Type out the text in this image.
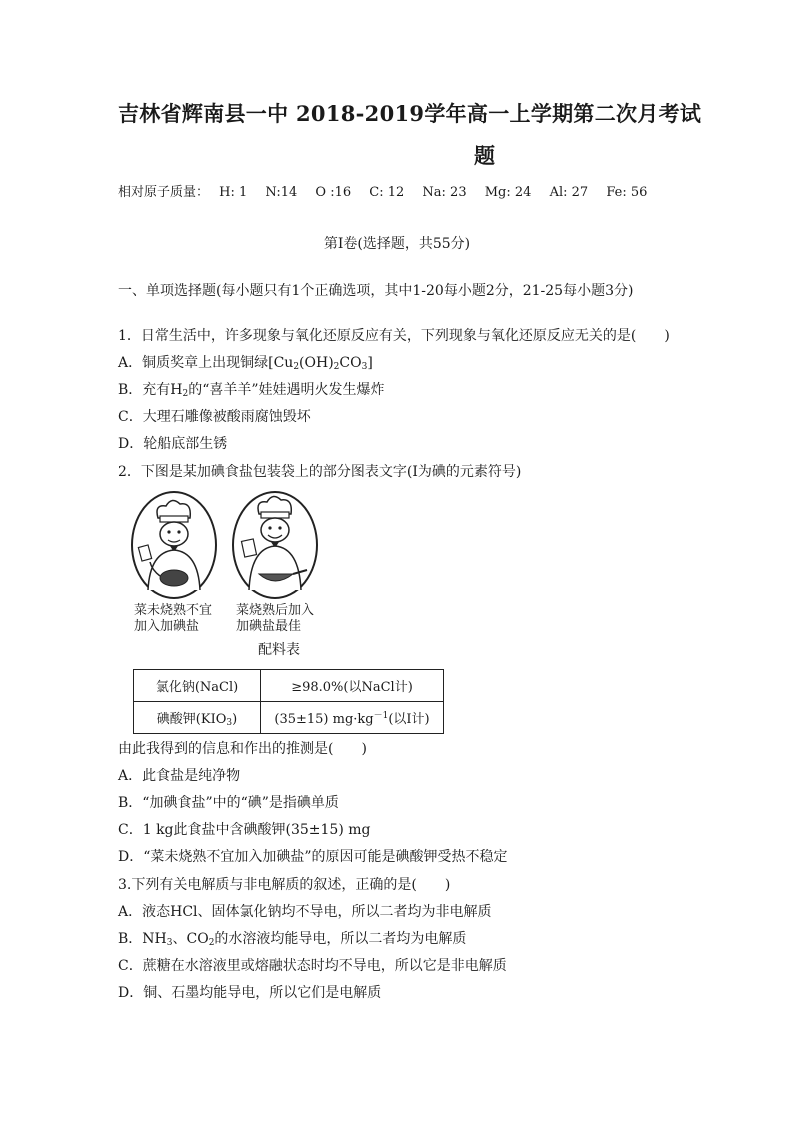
吉林省辉南县一中 2018-2019学年高一上学期第二次月考试
题
相对原子质量： H: 1 N:14 O :16 C: 12 Na: 23 Mg: 24 Al: 27 Fe: 56
第Ⅰ卷(选择题，共55分)
一、单项选择题(每小题只有1个正确选项，其中1-20每小题2分，21-25每小题3分)
1．日常生活中，许多现象与氧化还原反应有关，下列现象与氧化还原反应无关的是(　　)
A．铜质奖章上出现铜绿$[Cu_2(OH)_2CO_3]$
B．充有$H_2$的“喜羊羊”娃娃遇明火发生爆炸
C．大理石雕像被酸雨腐蚀毁坏
D．轮船底部生锈
2．下图是某加碘食盐包装袋上的部分图表文字(Ⅰ为碘的元素符号)
菜未烧熟不宜
加入加碘盐
菜烧熟后加入
加碘盐最佳
配料表
氯化钠(NaCl)	≥98.0%(以NaCl计)
碘酸钾$(KIO_3)$	(35±15) $mg\cdot kg^{-1}$(以Ⅰ计)
由此我得到的信息和作出的推测是(　　)
A．此食盐是纯净物
B．“加碘食盐”中的“碘”是指碘单质
C．1 kg此食盐中含碘酸钾(35±15) mg
D．“菜未烧熟不宜加入加碘盐”的原因可能是碘酸钾受热不稳定
3.下列有关电解质与非电解质的叙述，正确的是(　　)
A．液态HCl、固体氯化钠均不导电，所以二者均为非电解质
B．$NH_3$、$CO_2$的水溶液均能导电，所以二者均为电解质
C．蔗糖在水溶液里或熔融状态时均不导电，所以它是非电解质
D．铜、石墨均能导电，所以它们是电解质
